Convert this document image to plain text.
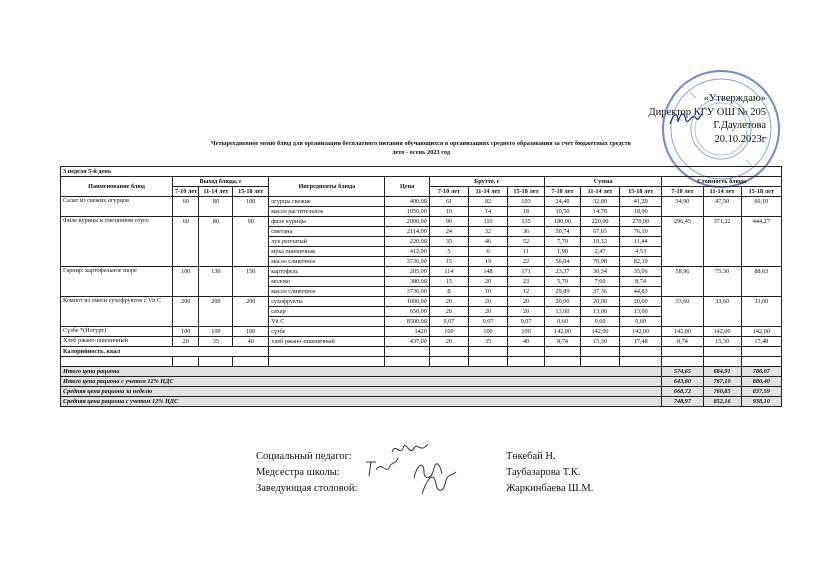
«Утверждаю»
Директор КГУ ОШ № 205
Г.Даулетова
20.10.2023г
Четырехдневное меню блюд для организации бесплатного питания обучающихся в организациях среднего образования за счет бюджетных средств
лето - осень 2023 год
3 неделя 5-й день														
Наименование блюд	Выход блюда, г			Ингредиенты блюда	Цена	Брутто, г			Сумма			Стоимость блюда		
	7-10 лет	11-14 лет	15-18 лет			7-10 лет	11-14 лет	15-18 лет	7-10 лет	11-14 лет	15-18 лет	7-10 лет	11-14 лет	15-18 лет
Салат из свежих огурцов	60	80	100	огурцы свежие	400,00	61	82	103	24,40	32,80	41,20	34,90	47,50	60,10
				масло растительное	1050,00	10	14	18	10,50	14,70	18,90			
Филе курицы в сметанном соусе	60	80	90	филе курицы	2000,00	90	110	135	180,00	220,00	270,00	296,45	371,22	444,27
				сметана	2114,00	24	32	36	50,74	67,65	76,10			
				лук репчатый	220,00	35	46	52	7,70	10,12	11,44			
				мука пшеничная	412,00	5	6	11	1,98	2,47	4,53			
				масло сливочное	3736,00	15	19	22	56,04	70,98	82,19			
Гарнир: картофельное пюре	100	130	150	картофель	205,00	114	148	171	23,37	30,34	35,06	58,96	75,30	88,63
				молоко	380,00	15	20	23	5,70	7,60	8,74			
				масло сливочное	3736,00	8	10	12	29,89	37,36	44,83			
Компот из смеси сухофруктов с Vit C	200	200	200	сухофрукты	1000,00	20	20	20	20,00	20,00	20,00	33,60	33,60	33,60
				сахар	650,00	20	20	20	13,00	13,00	13,00			
				Vit C	8500,00	0,07	0,07	0,07	0,60	0,60	0,60			
Сүзбе *(Йогурт)	100	100	100	сүзбе	1420	100	100	100	142,00	142,00	142,00	142,00	142,00	142,00
Хлеб ржано-пшеничный	20	35	40	хлеб ржано-пшеничный	437,00	20	35	40	8,74	15,30	17,48	8,74	15,30	17,48
Калорийность, ккал														

Итого цена рациона												574,65	684,91	786,07
Итого цена рациона с учетом 12% НДС												643,60	767,10	880,40
Средняя цена рациона за неделю												668,72	760,85	837,59
Средняя цена рациона с учетом 12% НДС												748,97	852,16	938,10
Социальный педагог:	Төкебай Н.
Медсестра школы:	Таубазарова Т.К.
Заведующая столовой:	Жаркинбаева Ш.М.
